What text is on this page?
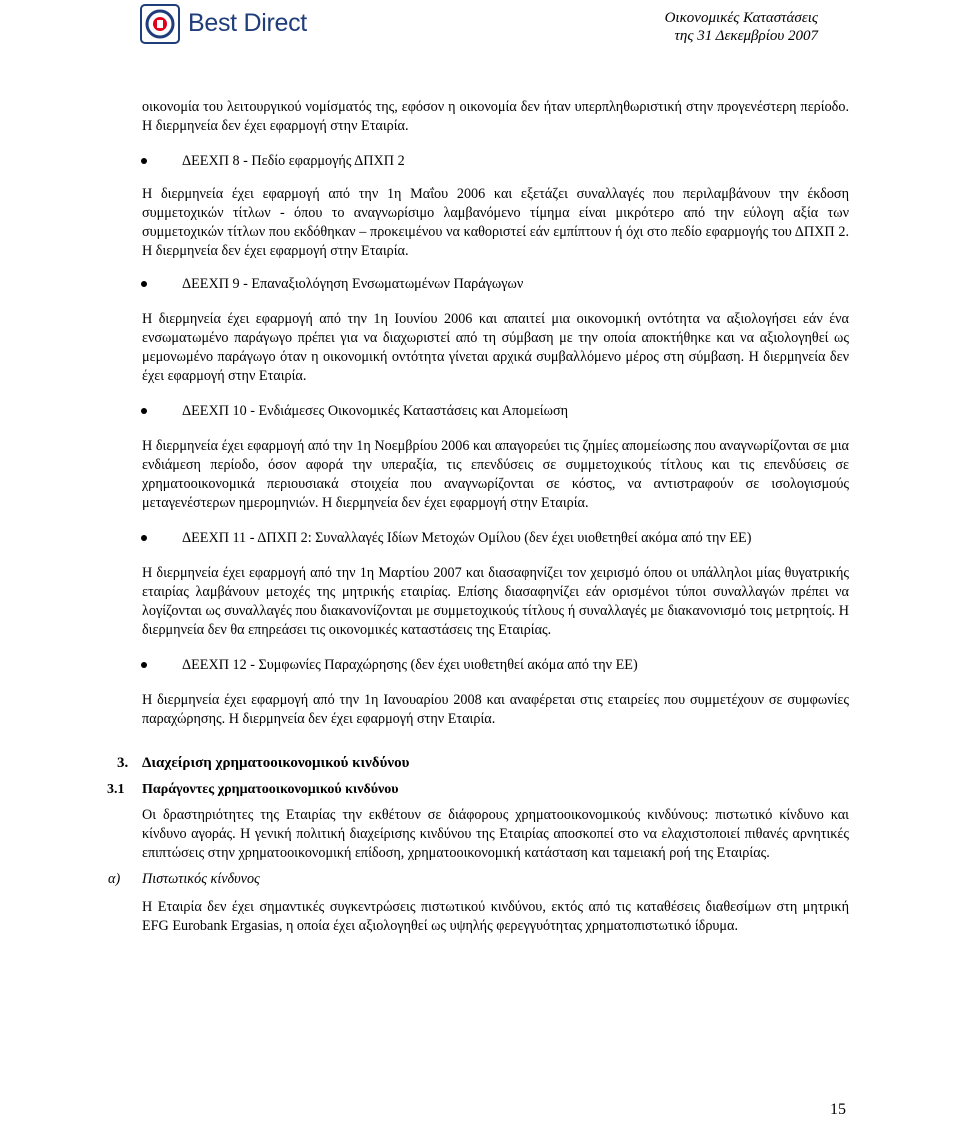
Best Direct	Οικονομικές Καταστάσεις
της 31 Δεκεμβρίου 2007

οικονομία του λειτουργικού νομίσματός της, εφόσον η οικονομία δεν ήταν υπερπληθωριστική στην προγενέστερη περίοδο. Η διερμηνεία δεν έχει εφαρμογή στην Εταιρία.

ΔΕΕΧΠ 8 - Πεδίο εφαρμογής ΔΠΧΠ 2

Η διερμηνεία έχει εφαρμογή από την 1η Μαΐου 2006 και εξετάζει συναλλαγές που περιλαμβάνουν την έκδοση συμμετοχικών τίτλων - όπου το αναγνωρίσιμο λαμβανόμενο τίμημα είναι μικρότερο από την εύλογη αξία των συμμετοχικών τίτλων που εκδόθηκαν – προκειμένου να καθοριστεί εάν εμπίπτουν ή όχι στο πεδίο εφαρμογής του ΔΠΧΠ 2. Η διερμηνεία δεν έχει εφαρμογή στην Εταιρία.

ΔΕΕΧΠ 9 - Επαναξιολόγηση Ενσωματωμένων Παράγωγων

Η διερμηνεία έχει εφαρμογή από την 1η Ιουνίου 2006 και απαιτεί μια οικονομική οντότητα να αξιολογήσει εάν ένα ενσωματωμένο παράγωγο πρέπει για να διαχωριστεί από τη σύμβαση με την οποία αποκτήθηκε και να αξιολογηθεί ως μεμονωμένο παράγωγο όταν η οικονομική οντότητα γίνεται αρχικά συμβαλλόμενο μέρος στη σύμβαση. Η διερμηνεία δεν έχει εφαρμογή στην Εταιρία.

ΔΕΕΧΠ 10 - Ενδιάμεσες Οικονομικές Καταστάσεις και Απομείωση

Η διερμηνεία έχει εφαρμογή από την 1η Νοεμβρίου 2006 και απαγορεύει τις ζημίες απομείωσης που αναγνωρίζονται σε μια ενδιάμεση περίοδο, όσον αφορά την υπεραξία, τις επενδύσεις σε συμμετοχικούς τίτλους και τις επενδύσεις σε χρηματοοικονομικά περιουσιακά στοιχεία που αναγνωρίζονται σε κόστος, να αντιστραφούν σε ισολογισμούς μεταγενέστερων ημερομηνιών. Η διερμηνεία δεν έχει εφαρμογή στην Εταιρία.

ΔΕΕΧΠ 11 - ΔΠΧΠ 2: Συναλλαγές Ιδίων Μετοχών Ομίλου (δεν έχει υιοθετηθεί ακόμα από την ΕΕ)

Η διερμηνεία έχει εφαρμογή από την 1η Μαρτίου 2007 και διασαφηνίζει τον χειρισμό όπου οι υπάλληλοι μίας θυγατρικής εταιρίας λαμβάνουν μετοχές της μητρικής εταιρίας. Επίσης διασαφηνίζει εάν ορισμένοι τύποι συναλλαγών πρέπει να λογίζονται ως συναλλαγές που διακανονίζονται με συμμετοχικούς τίτλους ή συναλλαγές με διακανονισμό τοις μετρητοίς. Η διερμηνεία δεν θα επηρεάσει τις οικονομικές καταστάσεις της Εταιρίας.

ΔΕΕΧΠ 12 - Συμφωνίες Παραχώρησης (δεν έχει υιοθετηθεί ακόμα από την ΕΕ)

Η διερμηνεία έχει εφαρμογή από την 1η Ιανουαρίου 2008 και αναφέρεται στις εταιρείες που συμμετέχουν σε συμφωνίες παραχώρησης. Η διερμηνεία δεν έχει εφαρμογή στην Εταιρία.

3. Διαχείριση χρηματοοικονομικού κινδύνου
3.1 Παράγοντες χρηματοοικονομικού κινδύνου

Οι δραστηριότητες της Εταιρίας την εκθέτουν σε διάφορους χρηματοοικονομικούς κινδύνους: πιστωτικό κίνδυνο και κίνδυνο αγοράς. Η γενική πολιτική διαχείρισης κινδύνου της Εταιρίας αποσκοπεί στο να ελαχιστοποιεί πιθανές αρνητικές επιπτώσεις στην χρηματοοικονομική επίδοση, χρηματοοικονομική κατάσταση και ταμειακή ροή της Εταιρίας.

α) Πιστωτικός κίνδυνος

Η Εταιρία δεν έχει σημαντικές συγκεντρώσεις πιστωτικού κινδύνου, εκτός από τις καταθέσεις διαθεσίμων στη μητρική EFG Eurobank Ergasias, η οποία έχει αξιολογηθεί ως υψηλής φερεγγυότητας χρηματοπιστωτικό ίδρυμα.

15
